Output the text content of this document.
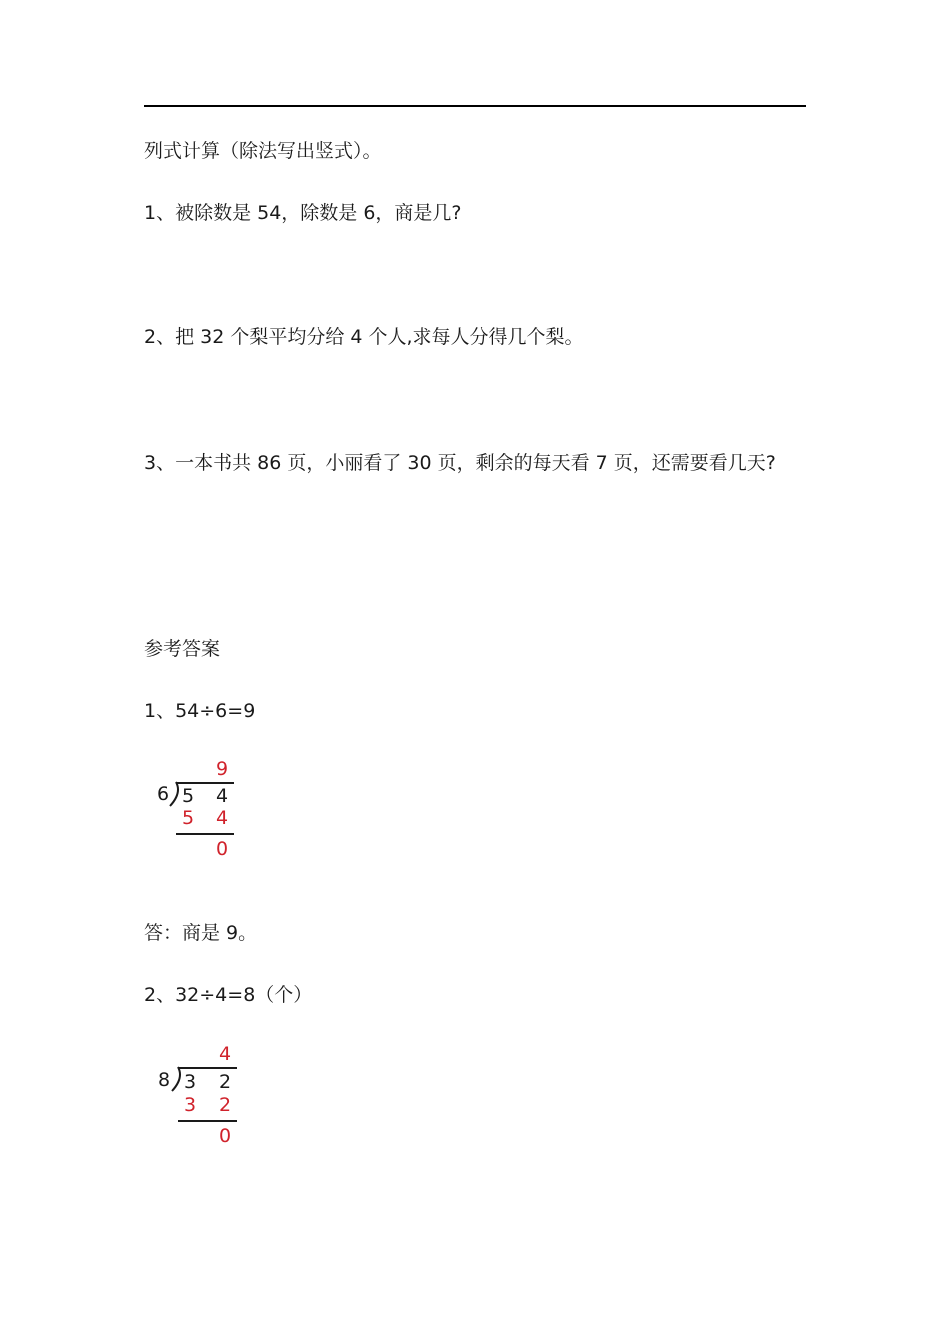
列式计算（除法写出竖式）。
1、被除数是 54，除数是 6，商是几?
2、把 32 个梨平均分给 4 个人,求每人分得几个梨。
3、一本书共 86 页，小丽看了 30 页，剩余的每天看 7 页，还需要看几天?
参考答案
1、54÷6=9
9
6 5	4
5	4
0
答：商是 9。
2、32÷4=8（个）
4
8 3	2
3	2
0
